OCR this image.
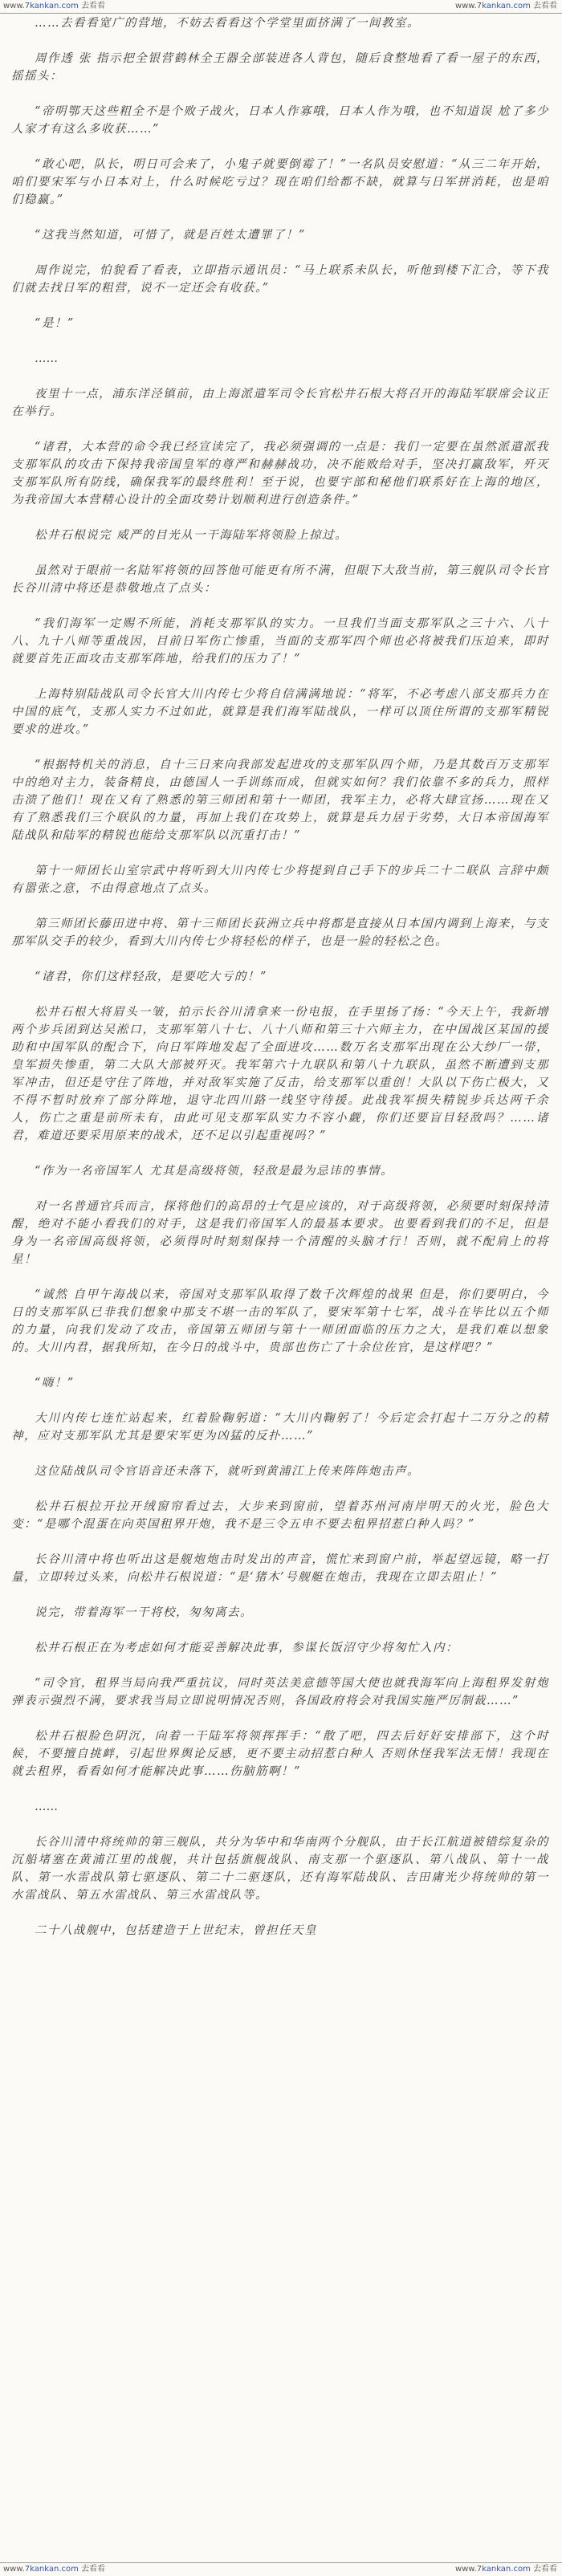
www.7kankan.com 去看看	www.7kankan.com 去看看

……去看看宽广的营地，不妨去看看这个学堂里面挤满了一间教室。

周作透 张 指示把全银营鹤林全王器全部装进各人背包，随后食整地看了看一屋子的东西，摇摇头：

“帝明鄂天这些粗全不是个败子战火，日本人作寡哦，日本人作为哦，也不知道误 尬了多少人家才有这么多收获……”

“敢心吧，队长，明日可会来了，小鬼子就要倒霉了！”一名队员安慰道：“从三二年开始，咱们要宋军与小日本对上，什么时候吃亏过？现在咱们给都不缺，就算与日军拼消耗，也是咱们稳赢。”

“这我当然知道，可惜了，就是百姓太遭罪了！”

周作说完，怕貌看了看表，立即指示通讯员：“马上联系未队长，听他到楼下汇合，等下我们就去找日军的粗营，说不一定还会有收获。”

“是！”

……

夜里十一点，浦东洋泾镇前，由上海派遣军司令长官松井石根大将召开的海陆军联席会议正在举行。

“诸君，大本营的命令我已经宣读完了，我必须强调的一点是：我们一定要在虽然派遣派我支那军队的攻击下保持我帝国皇军的尊严和赫赫战功，决不能败给对手，坚决打赢敌军，歼灭支那军队所有防线，确保我军的最终胜利！至于说，也要宇部和秘他们联系好在上海的地区，为我帝国大本营精心设计的全面攻势计划顺利进行创造条件。”

松井石根说完 威严的目光从一干海陆军将领脸上掠过。

虽然对于眼前一名陆军将领的回答他可能更有所不满，但眼下大敌当前，第三舰队司令长官长谷川清中将还是恭敬地点了点头：

“我们海军一定赐不所能，消耗支那军队的实力。一旦我们当面支那军队之三十六、八十八、九十八师等重战因，目前日军伤亡惨重，当面的支那军四个师也必将被我们压迫来，即时就要首先正面攻击支那军阵地，给我们的压力了！”

上海特别陆战队司令长官大川内传七少将自信满满地说：“将军，不必考虑八部支那兵力在中国的底气，支那人实力不过如此，就算是我们海军陆战队，一样可以顶住所谓的支那军精锐要求的进攻。”

“根据特机关的消息，自十三日来向我部发起进攻的支那军队四个师，乃是其数百万支那军中的绝对主力，装备精良，由德国人一手训练而成，但就实如何？我们依靠不多的兵力，照样击溃了他们！现在又有了熟悉的第三师团和第十一师团，我军主力，必将大肆宣扬……现在又有了熟悉我们三个联队的力量，再加上我们在攻势上，就算是兵力居于劣势，大日本帝国海军陆战队和陆军的精锐也能给支那军队以沉重打击！”

第十一师团长山室宗武中将听到大川内传七少将提到自己手下的步兵二十二联队 言辞中颇有嚣张之意，不由得意地点了点头。

第三师团长藤田进中将、第十三师团长荻洲立兵中将都是直接从日本国内调到上海来，与支那军队交手的较少，看到大川内传七少将轻松的样子，也是一脸的轻松之色。

“诸君，你们这样轻敌，是要吃大亏的！”

松井石根大将眉头一皱，拍示长谷川清拿来一份电报，在手里扬了扬：“今天上午，我新增两个步兵团到达吴淞口，支那军第八十七、八十八师和第三十六师主力，在中国战区某国的援助和中国军队的配合下，向日军阵地发起了全面进攻……数万名支那军出现在公大纱厂一带，皇军损失惨重，第二大队大部被歼灭。我军第六十九联队和第八十九联队，虽然不断遭到支那军冲击，但还是守住了阵地，并对敌军实施了反击，给支那军以重创！大队以下伤亡极大，又不得不暂时放弃了部分阵地，退守北四川路一线坚守待援。此战我军损失精锐步兵达两千余人，伤亡之重是前所未有，由此可见支那军队实力不容小觑，你们还要盲目轻敌吗？……诸君，难道还要采用原来的战术，还不足以引起重视吗？”

“作为一名帝国军人 尤其是高级将领，轻敌是最为忌讳的事情。

对一名普通官兵而言，探将他们的高昂的士气是应该的，对于高级将领，必须要时刻保持清醒，绝对不能小看我们的对手，这是我们帝国军人的最基本要求。也要看到我们的不足，但是 身为一名帝国高级将领，必须得时时刻刻保持一个清醒的头脑才行！否则，就不配肩上的将星！

“诚然 自甲午海战以来，帝国对支那军队取得了数千次辉煌的战果 但是，你们要明白，今日的支那军队已非我们想象中那支不堪一击的军队了，要宋军第十七军，战斗在毕比以五个师的力量，向我们发动了攻击，帝国第五师团与第十一师团面临的压力之大，是我们难以想象的。大川内君，据我所知，在今日的战斗中，贵部也伤亡了十余位佐官，是这样吧？”

“嗨！”

大川内传七连忙站起来，红着脸鞠躬道：“大川内鞠躬了！今后定会打起十二万分之的精神，应对支那军队尤其是要宋军更为凶猛的反扑……”

这位陆战队司令官语音还未落下，就听到黄浦江上传来阵阵炮击声。

松井石根拉开拉开绒窗帘看过去，大步来到窗前，望着苏州河南岸明天的火光，脸色大变：“是哪个混蛋在向英国租界开炮，我不是三令五申不要去租界招惹白种人吗？”

长谷川清中将也听出这是舰炮炮击时发出的声音，慌忙来到窗户前，举起望远镜，略一打量，立即转过头来，向松井石根说道：“是‘猪木’号舰艇在炮击，我现在立即去阻止！”

说完，带着海军一干将校，匆匆离去。

松井石根正在为考虑如何才能妥善解决此事，参谋长饭沼守少将匆忙入内：

“司令官，租界当局向我严重抗议，同时英法美意德等国大使也就我海军向上海租界发射炮弹表示强烈不满，要求我当局立即说明情况否则，各国政府将会对我国实施严厉制裁……”

松井石根脸色阴沉，向着一干陆军将领挥挥手：“散了吧，四去后好好安排部下，这个时候，不要擅自挑衅，引起世界舆论反感，更不要主动招惹白种人 否则休怪我军法无情！我现在就去租界，看看如何才能解决此事……伤脑筋啊！”

……

长谷川清中将统帅的第三舰队，共分为华中和华南两个分舰队，由于长江航道被错综复杂的沉船堵塞在黄浦江里的战舰，共计包括旗舰战队、南支那一个驱逐队、第八战队、第十一战队、第一水雷战队第七驱逐队、第二十二驱逐队，还有海军陆战队、吉田庸光少将统帅的第一水雷战队、第五水雷战队、第三水雷战队等。

二十八战舰中，包括建造于上世纪末，曾担任天皇

www.7kankan.com 去看看	www.7kankan.com 去看看
